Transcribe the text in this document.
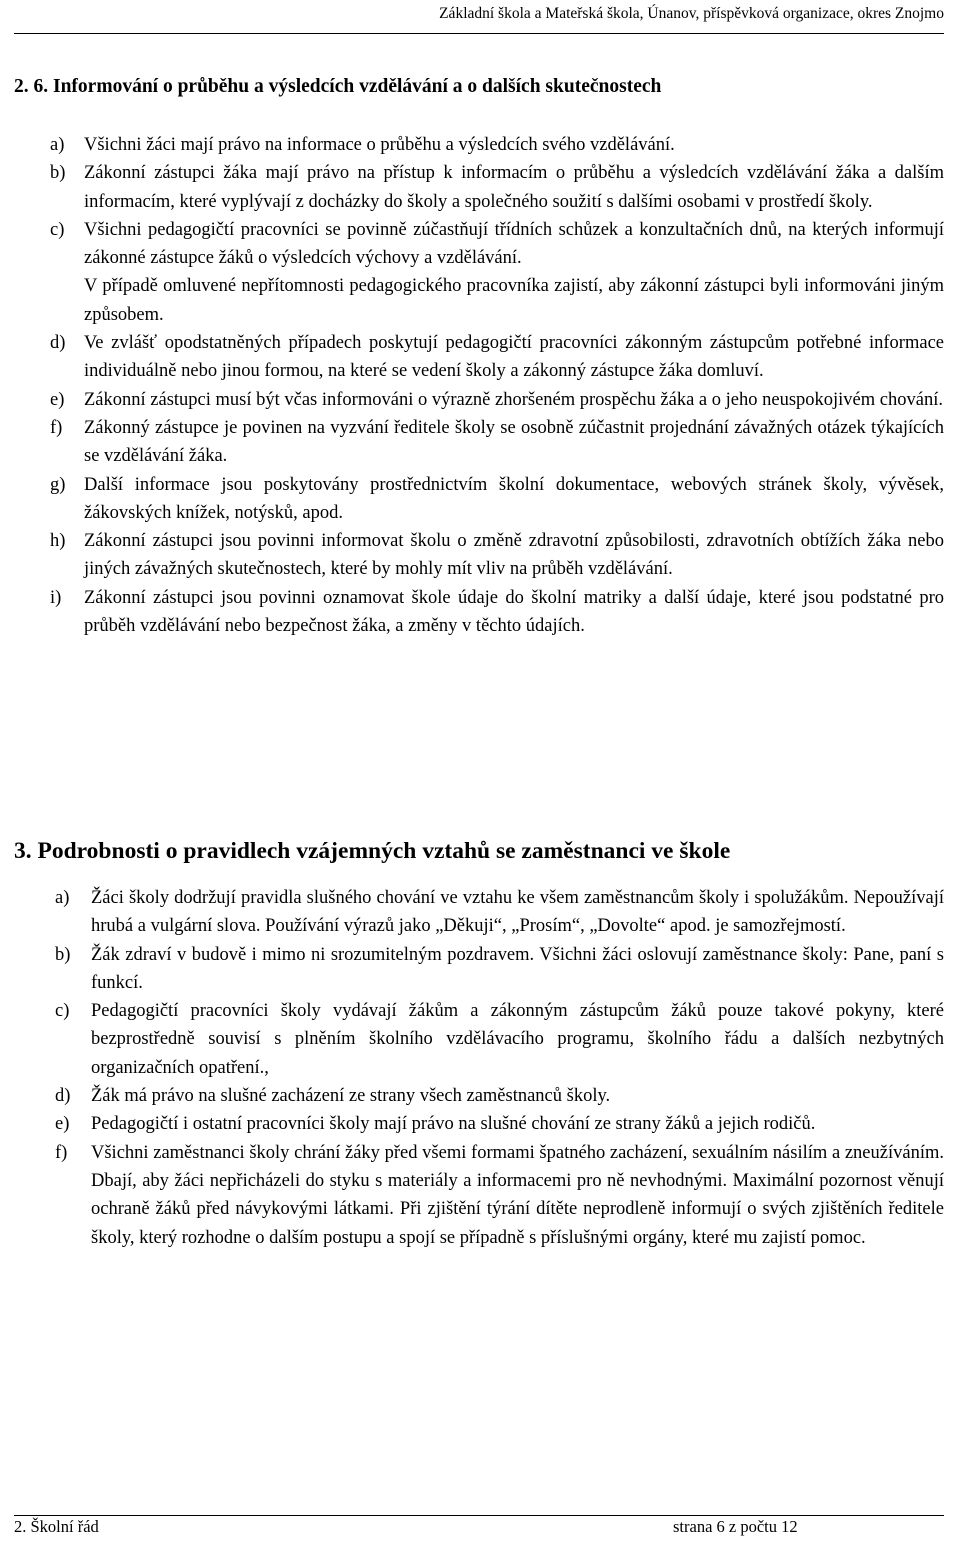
Základní škola a Mateřská škola, Únanov, příspěvková organizace, okres Znojmo
2. 6. Informování o průběhu a výsledcích vzdělávání a o dalších skutečnostech
a) Všichni žáci mají právo na informace o průběhu a výsledcích svého vzdělávání.
b) Zákonní zástupci žáka mají právo na přístup k informacím o průběhu a výsledcích vzdělávání žáka a dalším informacím, které vyplývají z docházky do školy a společného soužití s dalšími osobami v prostředí školy.
c) Všichni pedagogičtí pracovníci se povinně zúčastňují třídních schůzek a konzultačních dnů, na kterých informují zákonné zástupce žáků o výsledcích výchovy a vzdělávání.
V případě omluvené nepřítomnosti pedagogického pracovníka zajistí, aby zákonní zástupci byli informováni jiným způsobem.
d) Ve zvlášť opodstatněných případech poskytují pedagogičtí pracovníci zákonným zástupcům potřebné informace individuálně nebo jinou formou, na které se vedení školy a zákonný zástupce žáka domluví.
e) Zákonní zástupci musí být včas informováni o výrazně zhoršeném prospěchu žáka a o jeho neuspokojivém chování.
f) Zákonný zástupce je povinen na vyzvání ředitele školy se osobně zúčastnit projednání závažných otázek týkajících se vzdělávání žáka.
g) Další informace jsou poskytovány prostřednictvím školní dokumentace, webových stránek školy, vývěsek, žákovských knížek, notýsků, apod.
h) Zákonní zástupci jsou povinni informovat školu o změně zdravotní způsobilosti, zdravotních obtížích žáka nebo jiných závažných skutečnostech, které by mohly mít vliv na průběh vzdělávání.
i) Zákonní zástupci jsou povinni oznamovat škole údaje do školní matriky a další údaje, které jsou podstatné pro průběh vzdělávání nebo bezpečnost žáka, a změny v těchto údajích.
3. Podrobnosti o pravidlech vzájemných vztahů se zaměstnanci ve škole
a) Žáci školy dodržují pravidla slušného chování ve vztahu ke všem zaměstnancům školy i spolužákům. Nepoužívají hrubá a vulgární slova. Používání výrazů jako „Děkuji“, „Prosím“, „Dovolte“ apod. je samozřejmostí.
b) Žák zdraví v budově i mimo ni srozumitelným pozdravem. Všichni žáci oslovují zaměstnance školy: Pane, paní s funkcí.
c) Pedagogičtí pracovníci školy vydávají žákům a zákonným zástupcům žáků pouze takové pokyny, které bezprostředně souvisí s plněním školního vzdělávacího programu, školního řádu a dalších nezbytných organizačních opatření.,
d) Žák má právo na slušné zacházení ze strany všech zaměstnanců školy.
e) Pedagogičtí i ostatní pracovníci školy mají právo na slušné chování ze strany žáků a jejich rodičů.
f) Všichni zaměstnanci školy chrání žáky před všemi formami špatného zacházení, sexuálním násilím a zneužíváním. Dbají, aby žáci nepřicházeli do styku s materiály a informacemi pro ně nevhodnými. Maximální pozornost věnují ochraně žáků před návykovými látkami. Při zjištění týrání dítěte neprodleně informují o svých zjištěních ředitele školy, který rozhodne o dalším postupu a spojí se případně s příslušnými orgány, které mu zajistí pomoc.
2. Školní řád	strana 6 z počtu 12
